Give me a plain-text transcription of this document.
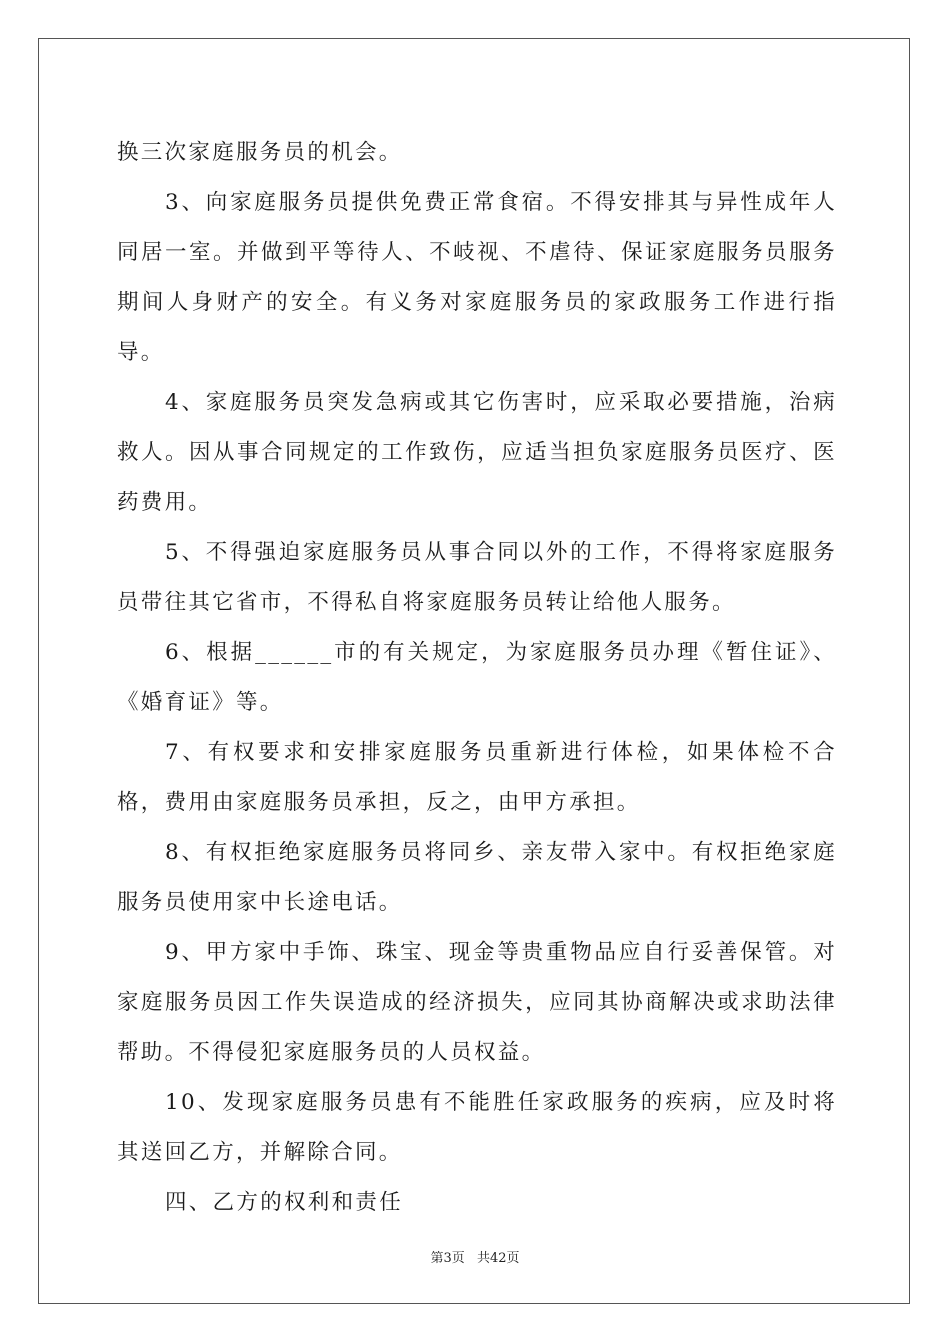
换三次家庭服务员的机会。

3、向家庭服务员提供免费正常食宿。不得安排其与异性成年人同居一室。并做到平等待人、不岐视、不虐待、保证家庭服务员服务期间人身财产的安全。有义务对家庭服务员的家政服务工作进行指导。

4、家庭服务员突发急病或其它伤害时，应采取必要措施，治病救人。因从事合同规定的工作致伤，应适当担负家庭服务员医疗、医药费用。

5、不得强迫家庭服务员从事合同以外的工作，不得将家庭服务员带往其它省市，不得私自将家庭服务员转让给他人服务。

6、根据______市的有关规定，为家庭服务员办理《暂住证》、《婚育证》等。

7、有权要求和安排家庭服务员重新进行体检，如果体检不合格，费用由家庭服务员承担，反之，由甲方承担。

8、有权拒绝家庭服务员将同乡、亲友带入家中。有权拒绝家庭服务员使用家中长途电话。

9、甲方家中手饰、珠宝、现金等贵重物品应自行妥善保管。对家庭服务员因工作失误造成的经济损失，应同其协商解决或求助法律帮助。不得侵犯家庭服务员的人员权益。

10、发现家庭服务员患有不能胜任家政服务的疾病，应及时将其送回乙方，并解除合同。

四、乙方的权利和责任

第3页 共42页
